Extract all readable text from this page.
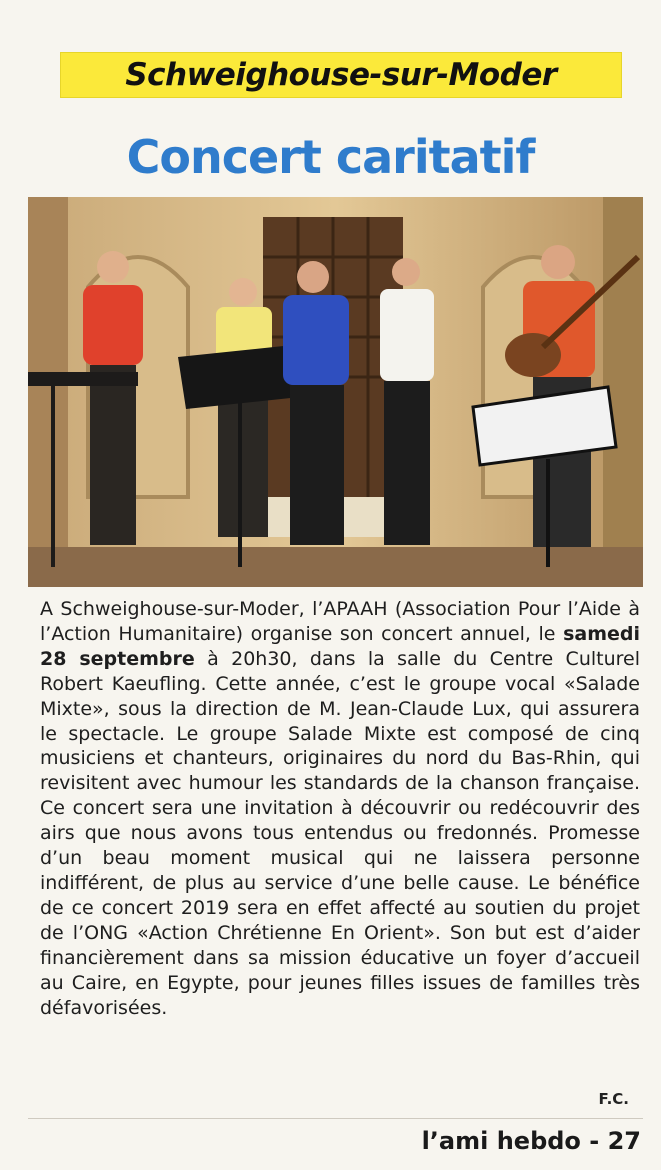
Schweighouse-sur-Moder
Concert caritatif
A Schweighouse-sur-Moder, l’APAAH (Association Pour l’Aide à l’Action Humanitaire) organise son concert annuel, le samedi 28 septembre à 20h30, dans la salle du Centre Culturel Robert Kaeufling. Cette année, c’est le groupe vocal «Salade Mixte», sous la direction de M. Jean-Claude Lux, qui assurera le spectacle. Le groupe Salade Mixte est composé de cinq musiciens et chanteurs, originaires du nord du Bas-Rhin, qui revisitent avec humour les standards de la chanson française. Ce concert sera une invitation à découvrir ou redécouvrir des airs que nous avons tous entendus ou fredonnés. Promesse d’un beau moment musical qui ne laissera personne indifférent, de plus au service d’une belle cause. Le bénéfice de ce concert 2019 sera en effet affecté au soutien du projet de l’ONG «Action Chrétienne En Orient». Son but est d’aider financièrement dans sa mission éducative un foyer d’accueil au Caire, en Egypte, pour jeunes filles issues de familles très défavorisées.
F.C.
l’ami hebdo - 27
